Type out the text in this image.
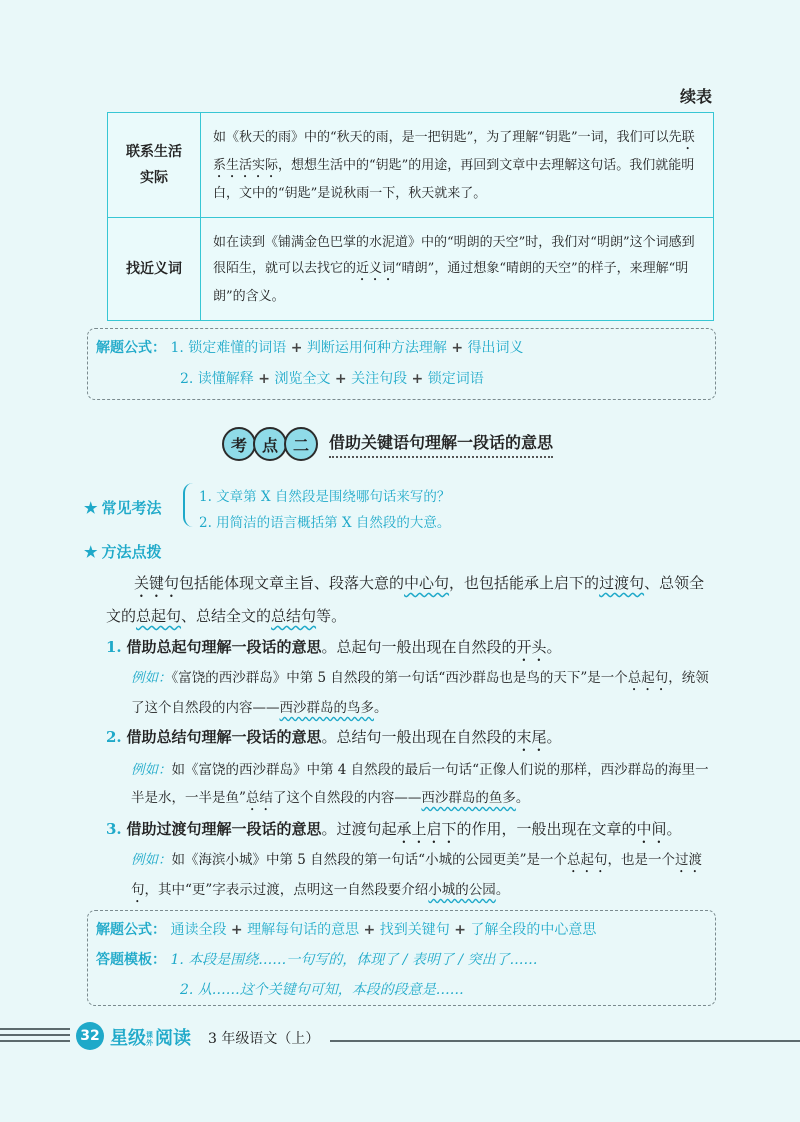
续表
联系生活
实际	如《秋天的雨》中的“秋天的雨，是一把钥匙”，为了理解“钥匙”一词，我们可以先联系生活实际，想想生活中的“钥匙”的用途，再回到文章中去理解这句话。我们就能明白，文中的“钥匙”是说秋雨一下，秋天就来了。

找近义词	如在读到《铺满金色巴掌的水泥道》中的“明朗的天空”时，我们对“明朗”这个词感到很陌生，就可以去找它的近义词“晴朗”，通过想象“晴朗的天空”的样子，来理解“明朗”的含义。
解题公式： 1. 锁定难懂的词语 + 判断运用何种方法理解 + 得出词义
2. 读懂解释 + 浏览全文 + 关注句段 + 锁定词语
考 点 二	借助关键语句理解一段话的意思
★ 常见考法
1. 文章第 X 自然段是围绕哪句话来写的？
2. 用简洁的语言概括第 X 自然段的大意。
★ 方法点拨
关键句包括能体现文章主旨、段落大意的中心句，也包括能承上启下的过渡句、总领全文的总起句、总结全文的总结句等。
1. 借助总起句理解一段话的意思。总起句一般出现在自然段的开头。
例如：《富饶的西沙群岛》中第 5 自然段的第一句话“西沙群岛也是鸟的天下”是一个总起句，统领了这个自然段的内容——西沙群岛的鸟多。
2. 借助总结句理解一段话的意思。总结句一般出现在自然段的末尾。
例如：如《富饶的西沙群岛》中第 4 自然段的最后一句话“正像人们说的那样，西沙群岛的海里一半是水，一半是鱼”总结了这个自然段的内容——西沙群岛的鱼多。
3. 借助过渡句理解一段话的意思。过渡句起承上启下的作用，一般出现在文章的中间。
例如：如《海滨小城》中第 5 自然段的第一句话“小城的公园更美”是一个总起句，也是一个过渡句，其中“更”字表示过渡，点明这一自然段要介绍小城的公园。
解题公式： 通读全段 + 理解每句话的意思 + 找到关键句 + 了解全段的中心意思
答题模板： 1. 本段是围绕……一句写的，体现了 / 表明了 / 突出了……
2. 从……这个关键句可知，本段的段意是……
32 星级课外 阅读 3 年级语文（上）
